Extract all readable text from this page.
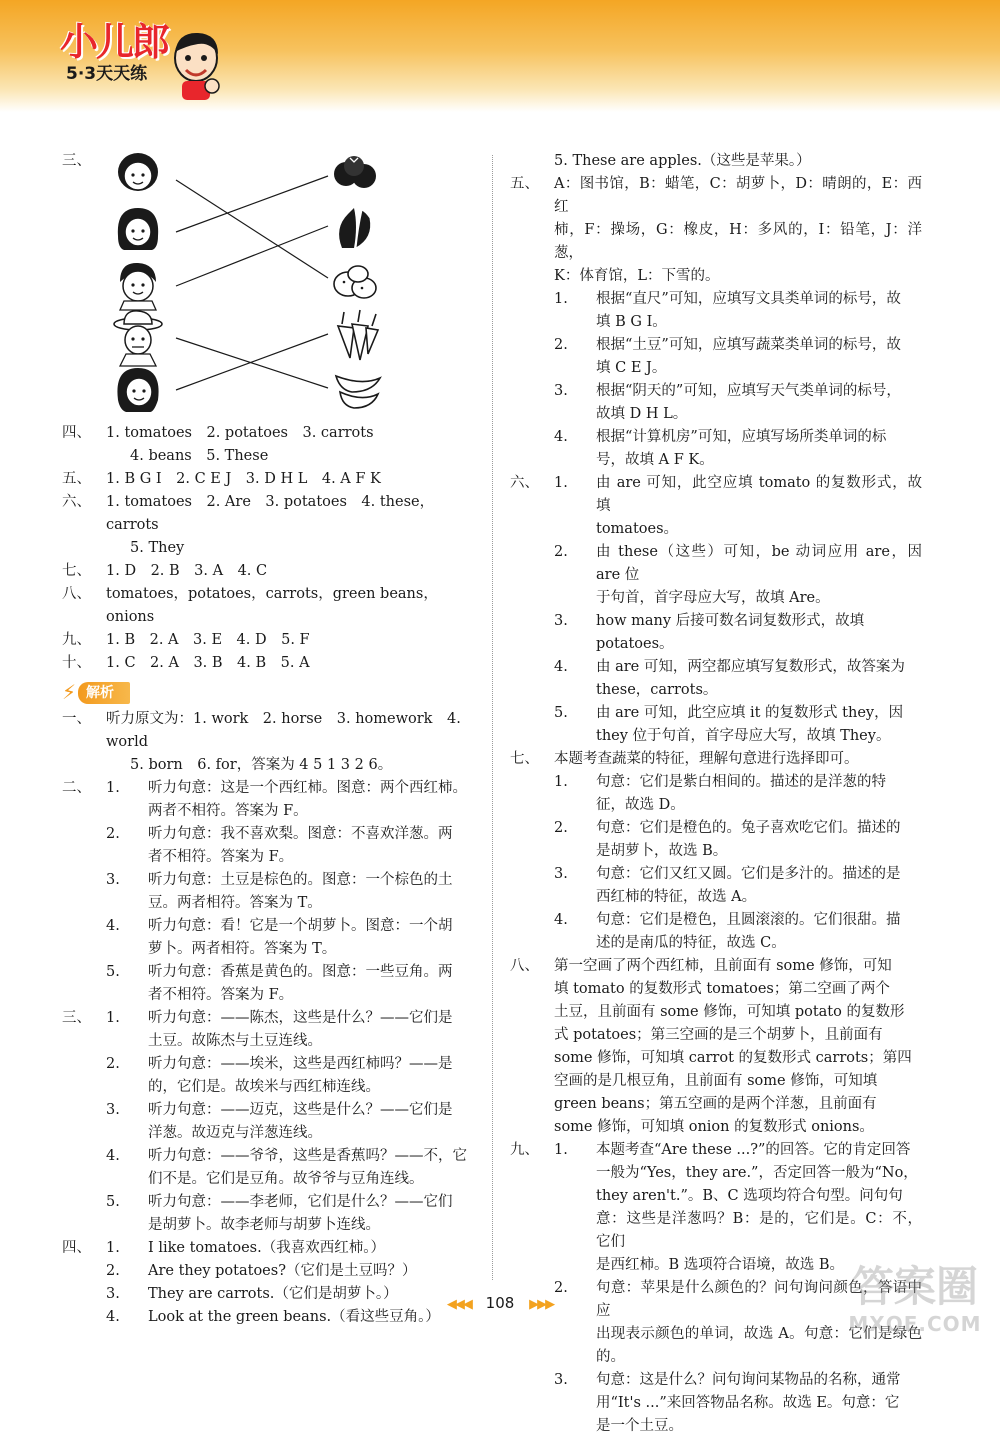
小儿郎
5·3天天练
三、
四、	1. tomatoes　2. potatoes　3. carrots
4. beans　5. These
五、	1. B G I　2. C E J　3. D H L　4. A F K
六、	1. tomatoes　2. Are　3. potatoes　4. these，carrots
5. They
七、	1. D　2. B　3. A　4. C
八、	tomatoes，potatoes，carrots，green beans，onions
九、	1. B　2. A　3. E　4. D　5. F
十、	1. C　2. A　3. B　4. B　5. A
⚡ 解析
一、	听力原文为：1. work　2. horse　3. homework　4. world
5. born　6. for，答案为 4 5 1 3 2 6。
二、	1.	听力句意：这是一个西红柿。图意：两个西红柿。
两者不相符。答案为 F。
2.	听力句意：我不喜欢梨。图意：不喜欢洋葱。两
者不相符。答案为 F。
3.	听力句意：土豆是棕色的。图意：一个棕色的土
豆。两者相符。答案为 T。
4.	听力句意：看！它是一个胡萝卜。图意：一个胡
萝卜。两者相符。答案为 T。
5.	听力句意：香蕉是黄色的。图意：一些豆角。两
者不相符。答案为 F。
三、	1.	听力句意：——陈杰，这些是什么？——它们是
土豆。故陈杰与土豆连线。
2.	听力句意：——埃米，这些是西红柿吗？——是
的，它们是。故埃米与西红柿连线。
3.	听力句意：——迈克，这些是什么？——它们是
洋葱。故迈克与洋葱连线。
4.	听力句意：——爷爷，这些是香蕉吗？——不，它
们不是。它们是豆角。故爷爷与豆角连线。
5.	听力句意：——李老师，它们是什么？——它们
是胡萝卜。故李老师与胡萝卜连线。
四、	1.	I like tomatoes.（我喜欢西红柿。）
2.	Are they potatoes?（它们是土豆吗？）
3.	They are carrots.（它们是胡萝卜。）
4.	Look at the green beans.（看这些豆角。）
5. These are apples.（这些是苹果。）
五、	A：图书馆，B：蜡笔，C：胡萝卜，D：晴朗的，E：西红
柿，F：操场，G：橡皮，H：多风的，I：铅笔，J：洋葱，
K：体育馆，L：下雪的。
1.	根据“直尺”可知，应填写文具类单词的标号，故
填 B G I。
2.	根据“土豆”可知，应填写蔬菜类单词的标号，故
填 C E J。
3.	根据“阴天的”可知，应填写天气类单词的标号，
故填 D H L。
4.	根据“计算机房”可知，应填写场所类单词的标
号，故填 A F K。
六、	1.	由 are 可知，此空应填 tomato 的复数形式，故填
tomatoes。
2.	由 these（这些）可知，be 动词应用 are，因 are 位
于句首，首字母应大写，故填 Are。
3.	how many 后接可数名词复数形式，故填
potatoes。
4.	由 are 可知，两空都应填写复数形式，故答案为
these，carrots。
5.	由 are 可知，此空应填 it 的复数形式 they，因
they 位于句首，首字母应大写，故填 They。
七、	本题考查蔬菜的特征，理解句意进行选择即可。
1.	句意：它们是紫白相间的。描述的是洋葱的特
征，故选 D。
2.	句意：它们是橙色的。兔子喜欢吃它们。描述的
是胡萝卜，故选 B。
3.	句意：它们又红又圆。它们是多汁的。描述的是
西红柿的特征，故选 A。
4.	句意：它们是橙色，且圆滚滚的。它们很甜。描
述的是南瓜的特征，故选 C。
八、	第一空画了两个西红柿，且前面有 some 修饰，可知
填 tomato 的复数形式 tomatoes；第二空画了两个
土豆，且前面有 some 修饰，可知填 potato 的复数形
式 potatoes；第三空画的是三个胡萝卜，且前面有
some 修饰，可知填 carrot 的复数形式 carrots；第四
空画的是几根豆角，且前面有 some 修饰，可知填
green beans；第五空画的是两个洋葱，且前面有
some 修饰，可知填 onion 的复数形式 onions。
九、	1.	本题考查“Are these ...?”的回答。它的肯定回答
一般为“Yes，they are.”，否定回答一般为“No，
they aren't.”。B、C 选项均符合句型。问句句
意：这些是洋葱吗？B：是的，它们是。C：不，它们
是西红柿。B 选项符合语境，故选 B。
2.	句意：苹果是什么颜色的？问句询问颜色，答语中应
出现表示颜色的单词，故选 A。句意：它们是绿色的。
3.	句意：这是什么？问句询问某物品的名称，通常
用“It's ...”来回答物品名称。故选 E。句意：它
是一个土豆。
◀◀◀ 108 ▶▶▶	答案圈
MXQE.COM
